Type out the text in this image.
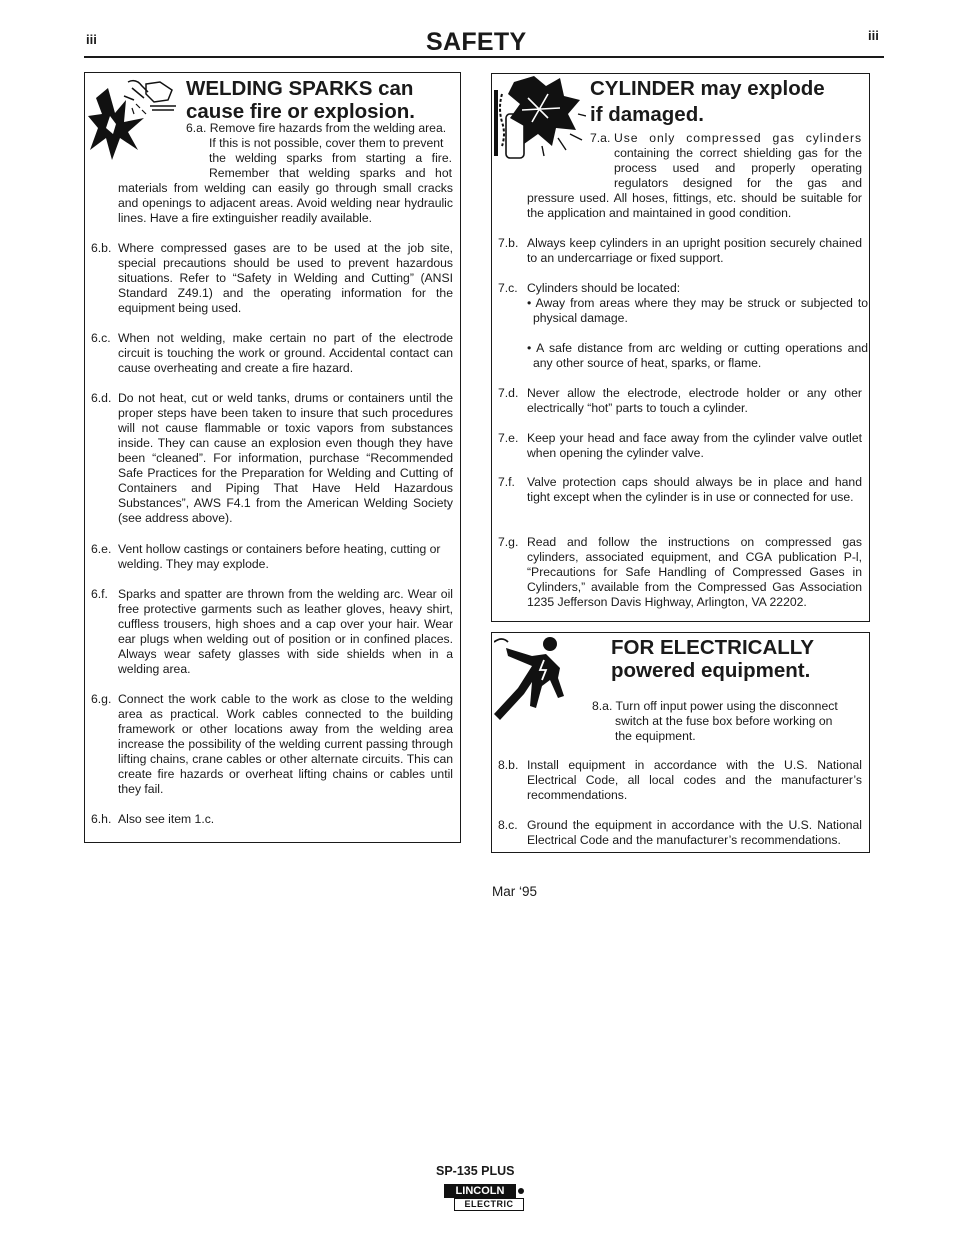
iii	iii
SAFETY
WELDING SPARKS can
cause fire or explosion.
6.a. Remove fire hazards from the welding area.
If this is not possible, cover them to prevent
the welding sparks from starting a fire.
Remember that welding sparks and hot
materials from welding can easily go through small cracks and openings to adjacent areas. Avoid welding near hydraulic lines. Have a fire extinguisher readily available.
6.b. Where compressed gases are to be used at the job site, special precautions should be used to prevent hazardous situations. Refer to “Safety in Welding and Cutting” (ANSI Standard Z49.1) and the operating information for the equipment being used.
6.c. When not welding, make certain no part of the electrode circuit is touching the work or ground. Accidental contact can cause overheating and create a fire hazard.
6.d. Do not heat, cut or weld tanks, drums or containers until the proper steps have been taken to insure that such procedures will not cause flammable or toxic vapors from substances inside. They can cause an explosion even though they have been “cleaned”. For information, purchase “Recommended Safe Practices for the Preparation for Welding and Cutting of Containers and Piping That Have Held Hazardous Substances”, AWS F4.1 from the American Welding Society (see address above).
6.e. Vent hollow castings or containers before heating, cutting or welding. They may explode.
6.f. Sparks and spatter are thrown from the welding arc. Wear oil free protective garments such as leather gloves, heavy shirt, cuffless trousers, high shoes and a cap over your hair. Wear ear plugs when welding out of position or in confined places. Always wear safety glasses with side shields when in a welding area.
6.g. Connect the work cable to the work as close to the welding area as practical. Work cables connected to the building framework or other locations away from the welding area increase the possibility of the welding current passing through lifting chains, crane cables or other alternate circuits. This can create fire hazards or overheat lifting chains or cables until they fail.
6.h. Also see item 1.c.
CYLINDER may explode
if damaged.
7.a. Use only compressed gas cylinders
containing the correct shielding gas for the
process used and properly operating
regulators designed for the gas and
pressure used. All hoses, fittings, etc. should be suitable for the application and maintained in good condition.
7.b. Always keep cylinders in an upright position securely chained to an undercarriage or fixed support.
7.c. Cylinders should be located:
• Away from areas where they may be struck or subjected to physical damage.
• A safe distance from arc welding or cutting operations and any other source of heat, sparks, or flame.
7.d. Never allow the electrode, electrode holder or any other electrically “hot” parts to touch a cylinder.
7.e. Keep your head and face away from the cylinder valve outlet when opening the cylinder valve.
7.f. Valve protection caps should always be in place and hand tight except when the cylinder is in use or connected for use.
7.g. Read and follow the instructions on compressed gas cylinders, associated equipment, and CGA publication P-l, “Precautions for Safe Handling of Compressed Gases in Cylinders,” available from the Compressed Gas Association 1235 Jefferson Davis Highway, Arlington, VA 22202.
FOR ELECTRICALLY
powered equipment.
8.a. Turn off input power using the disconnect
switch at the fuse box before working on
the equipment.
8.b. Install equipment in accordance with the U.S. National Electrical Code, all local codes and the manufacturer’s recommendations.
8.c. Ground the equipment in accordance with the U.S. National Electrical Code and the manufacturer’s recommendations.
Mar ‘95
SP-135 PLUS
LINCOLN
ELECTRIC
